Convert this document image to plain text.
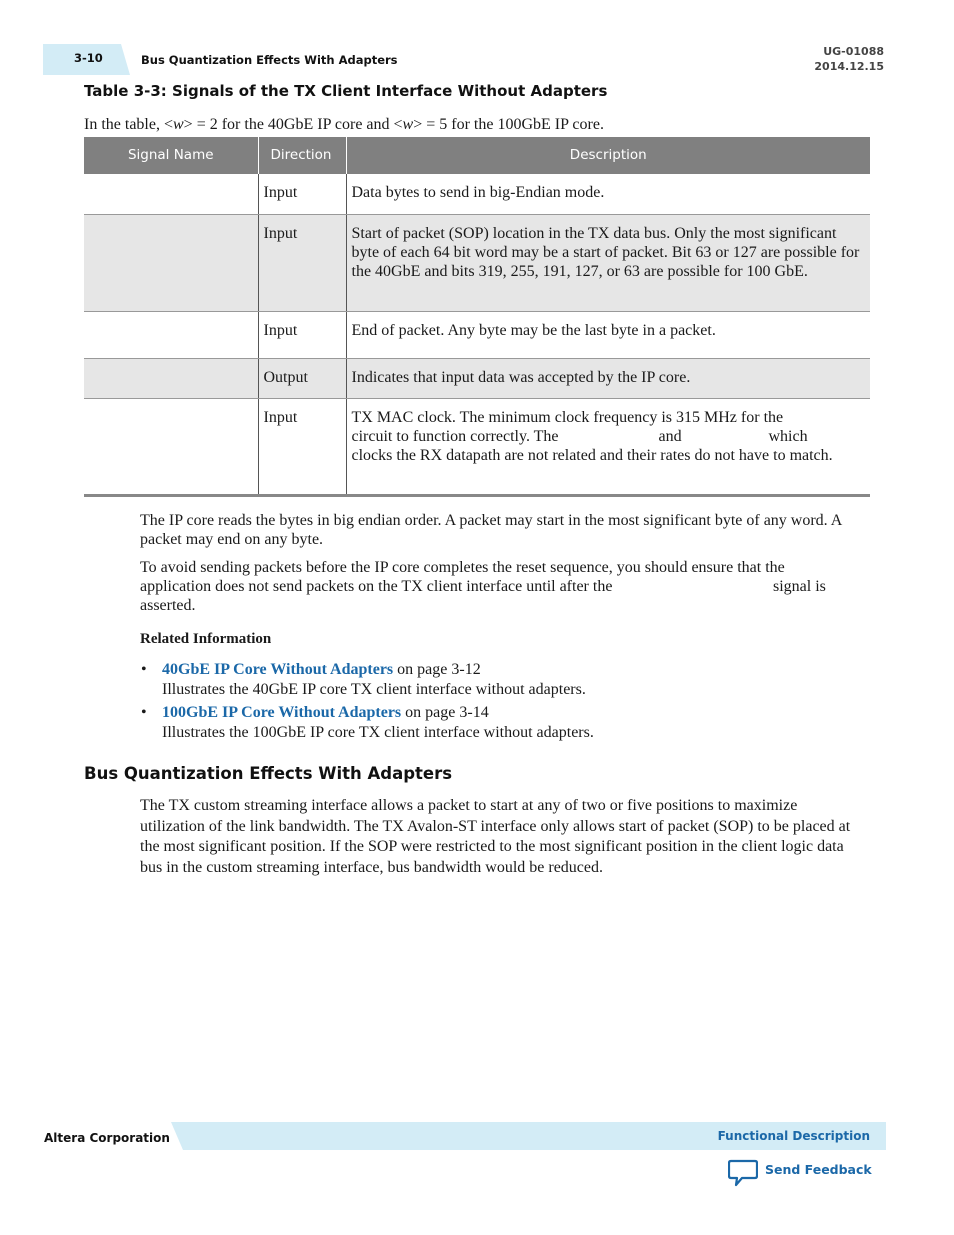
3-10	Bus Quantization Effects With Adapters
UG-01088
2014.12.15
Table 3-3: Signals of the TX Client Interface Without Adapters
In the table, <w> = 2 for the 40GbE IP core and <w> = 5 for the 100GbE IP core.
Signal Name	Direction	Description
	Input	Data bytes to send in big-Endian mode.
	Input	Start of packet (SOP) location in the TX data bus. Only the most significant byte of each 64 bit word may be a start of packet. Bit 63 or 127 are possible for the 40GbE and bits 319, 255, 191, 127, or 63 are possible for 100 GbE.
	Input	End of packet. Any byte may be the last byte in a packet.
	Output	Indicates that input data was accepted by the IP core.
	Input	TX MAC clock. The minimum clock frequency is 315 MHz for the
circuit to function correctly. The and which
clocks the RX datapath are not related and their rates do not have to match.
The IP core reads the bytes in big endian order. A packet may start in the most significant byte of any word. A packet may end on any byte.
To avoid sending packets before the IP core completes the reset sequence, you should ensure that the
application does not send packets on the TX client interface until after the	signal is
asserted.
Related Information
• 40GbE IP Core Without Adapters on page 3-12
Illustrates the 40GbE IP core TX client interface without adapters.
• 100GbE IP Core Without Adapters on page 3-14
Illustrates the 100GbE IP core TX client interface without adapters.
Bus Quantization Effects With Adapters
The TX custom streaming interface allows a packet to start at any of two or five positions to maximize utilization of the link bandwidth. The TX Avalon-ST interface only allows start of packet (SOP) to be placed at the most significant position. If the SOP were restricted to the most significant position in the client logic data bus in the custom streaming interface, bus bandwidth would be reduced.
Altera Corporation	Functional Description
Send Feedback
